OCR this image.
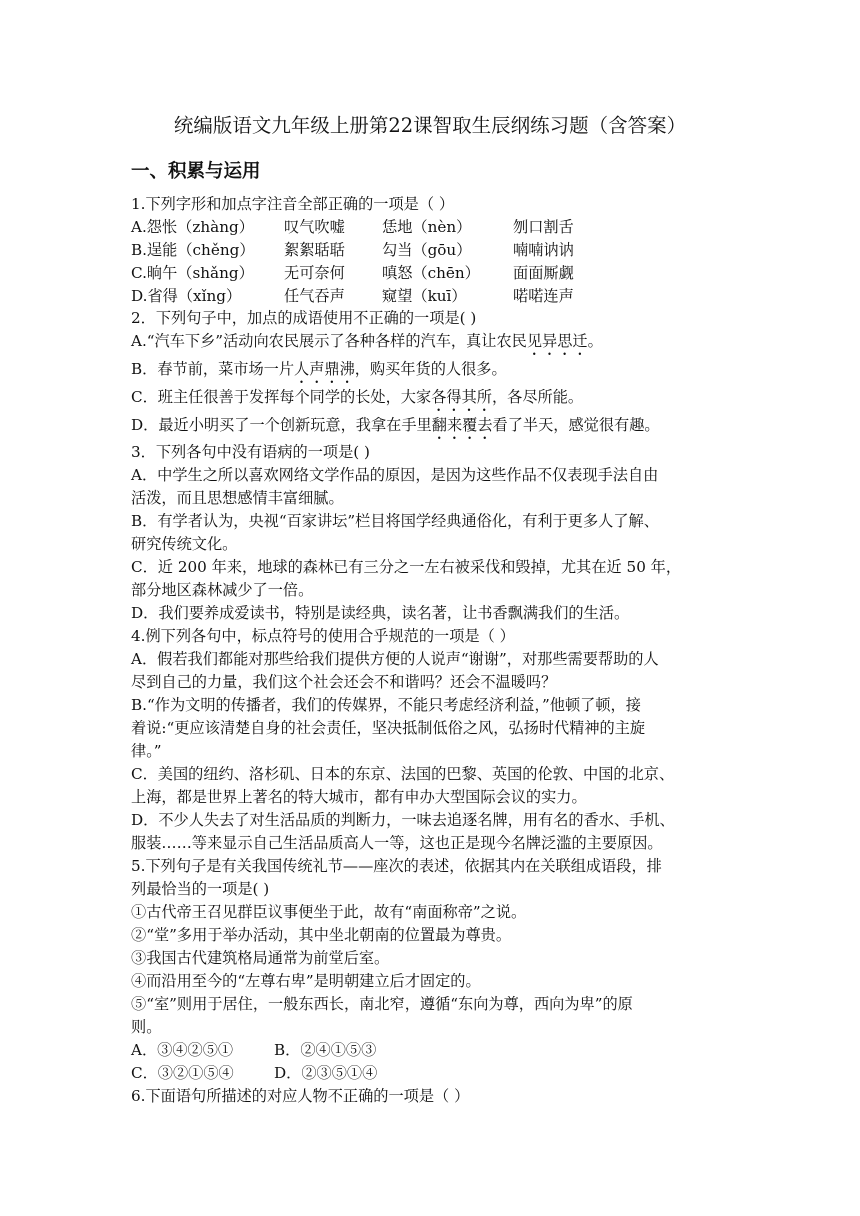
统编版语文九年级上册第22课智取生辰纲练习题（含答案）
一、积累与运用
1.下列字形和加点字注音全部正确的一项是（ ）
A.怨怅（zhàng） 叹气吹嘘 恁地（nèn）	刎口割舌
B.逞能（chěng） 絮絮聒聒 勾当（gōu）	喃喃讷讷
C.晌午（shǎng） 无可奈何 嗔怒（chēn） 面面厮觑
D.省得（xǐng）	任气吞声 窥望（kuī）	喏喏连声
2．下列句子中，加点的成语使用不正确的一项是( )
A.“汽车下乡”活动向农民展示了各种各样的汽车，真让农民见异思迁。
B．春节前，菜市场一片人声鼎沸，购买年货的人很多。
C．班主任很善于发挥每个同学的长处，大家各得其所，各尽所能。
D．最近小明买了一个创新玩意，我拿在手里翻来覆去看了半天，感觉很有趣。
3．下列各句中没有语病的一项是( )
A．中学生之所以喜欢网络文学作品的原因，是因为这些作品不仅表现手法自由
活泼，而且思想感情丰富细腻。
B．有学者认为，央视“百家讲坛”栏目将国学经典通俗化，有利于更多人了解、
研究传统文化。
C．近 200 年来，地球的森林已有三分之一左右被采伐和毁掉，尤其在近 50 年，
部分地区森林减少了一倍。
D．我们要养成爱读书，特别是读经典，读名著，让书香飘满我们的生活。
4.例下列各句中，标点符号的使用合乎规范的一项是（ ）
A．假若我们都能对那些给我们提供方便的人说声“谢谢”，对那些需要帮助的人
尽到自己的力量，我们这个社会还会不和谐吗？还会不温暖吗？
B.“作为文明的传播者，我们的传媒界，不能只考虑经济利益，”他顿了顿，接
着说:“更应该清楚自身的社会责任，坚决抵制低俗之风，弘扬时代精神的主旋
律。”
C．美国的纽约、洛杉矶、日本的东京、法国的巴黎、英国的伦敦、中国的北京、
上海，都是世界上著名的特大城市，都有申办大型国际会议的实力。
D．不少人失去了对生活品质的判断力，一味去追逐名牌，用有名的香水、手机、
服装……等来显示自己生活品质高人一等，这也正是现今名牌泛滥的主要原因。
5.下列句子是有关我国传统礼节——座次的表述，依据其内在关联组成语段，排
列最恰当的一项是( )
①古代帝王召见群臣议事便坐于此，故有“南面称帝”之说。
②“堂”多用于举办活动，其中坐北朝南的位置最为尊贵。
③我国古代建筑格局通常为前堂后室。
④而沿用至今的“左尊右卑”是明朝建立后才固定的。
⑤“室”则用于居住，一般东西长，南北窄，遵循“东向为尊，西向为卑”的原
则。
A．③④②⑤①	B．②④①⑤③
C．③②①⑤④	D．②③⑤①④
6.下面语句所描述的对应人物不正确的一项是（ ）
